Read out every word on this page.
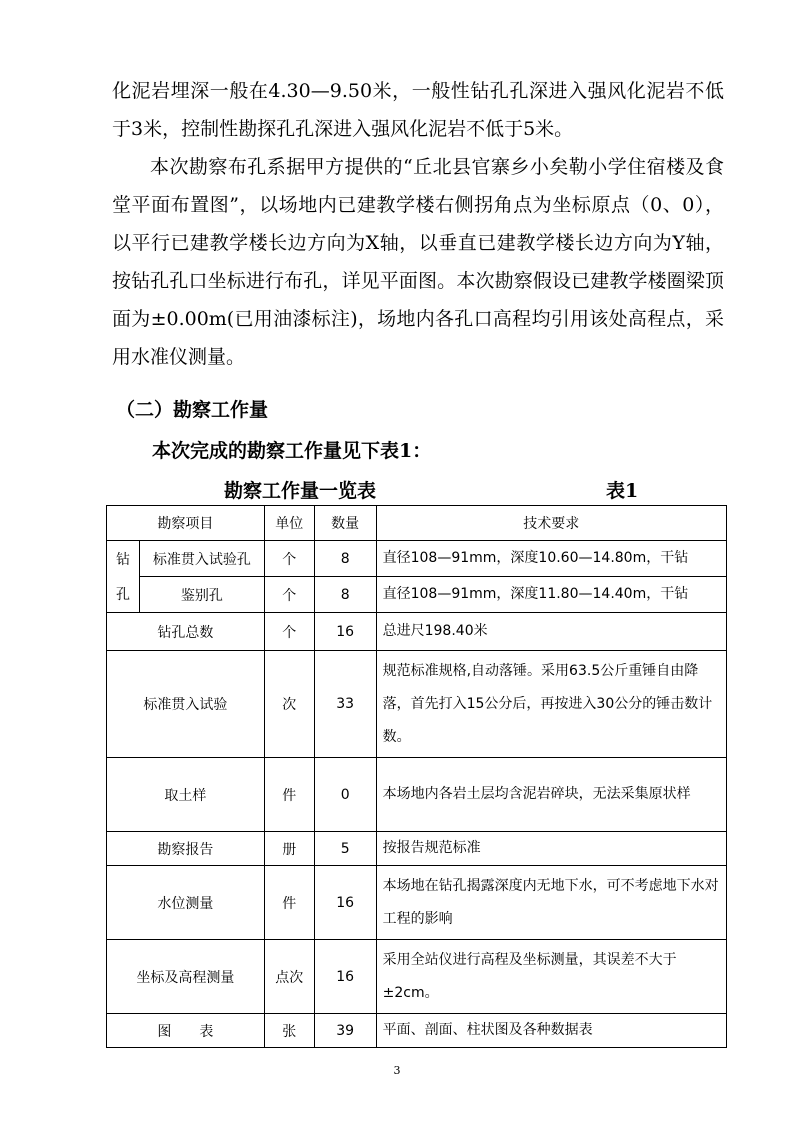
化泥岩埋深一般在4.30—9.50米，一般性钻孔孔深进入强风化泥岩不低于3米，控制性勘探孔孔深进入强风化泥岩不低于5米。

本次勘察布孔系据甲方提供的“丘北县官寨乡小矣勒小学住宿楼及食堂平面布置图”，以场地内已建教学楼右侧拐角点为坐标原点（0、0），以平行已建教学楼长边方向为X轴，以垂直已建教学楼长边方向为Y轴，按钻孔孔口坐标进行布孔，详见平面图。本次勘察假设已建教学楼圈梁顶面为±0.00m(已用油漆标注)，场地内各孔口高程均引用该处高程点，采用水准仪测量。

（二）勘察工作量
本次完成的勘察工作量见下表1：
勘察工作量一览表	表1
勘察项目		单位	数量	技术要求
钻	标准贯入试验孔	个	8	直径108—91mm，深度10.60—14.80m，干钻
孔	鉴别孔	个	8	直径108—91mm，深度11.80—14.40m，干钻
钻孔总数		个	16	总进尺198.40米
标准贯入试验		次	33	规范标准规格,自动落锤。采用63.5公斤重锤自由降落，首先打入15公分后，再按进入30公分的锤击数计数。
取土样		件	0	本场地内各岩土层均含泥岩碎块，无法采集原状样
勘察报告		册	5	按报告规范标准
水位测量		件	16	本场地在钻孔揭露深度内无地下水，可不考虑地下水对工程的影响
坐标及高程测量		点次	16	采用全站仪进行高程及坐标测量，其误差不大于±2cm。
图　　表		张	39	平面、剖面、柱状图及各种数据表
3
